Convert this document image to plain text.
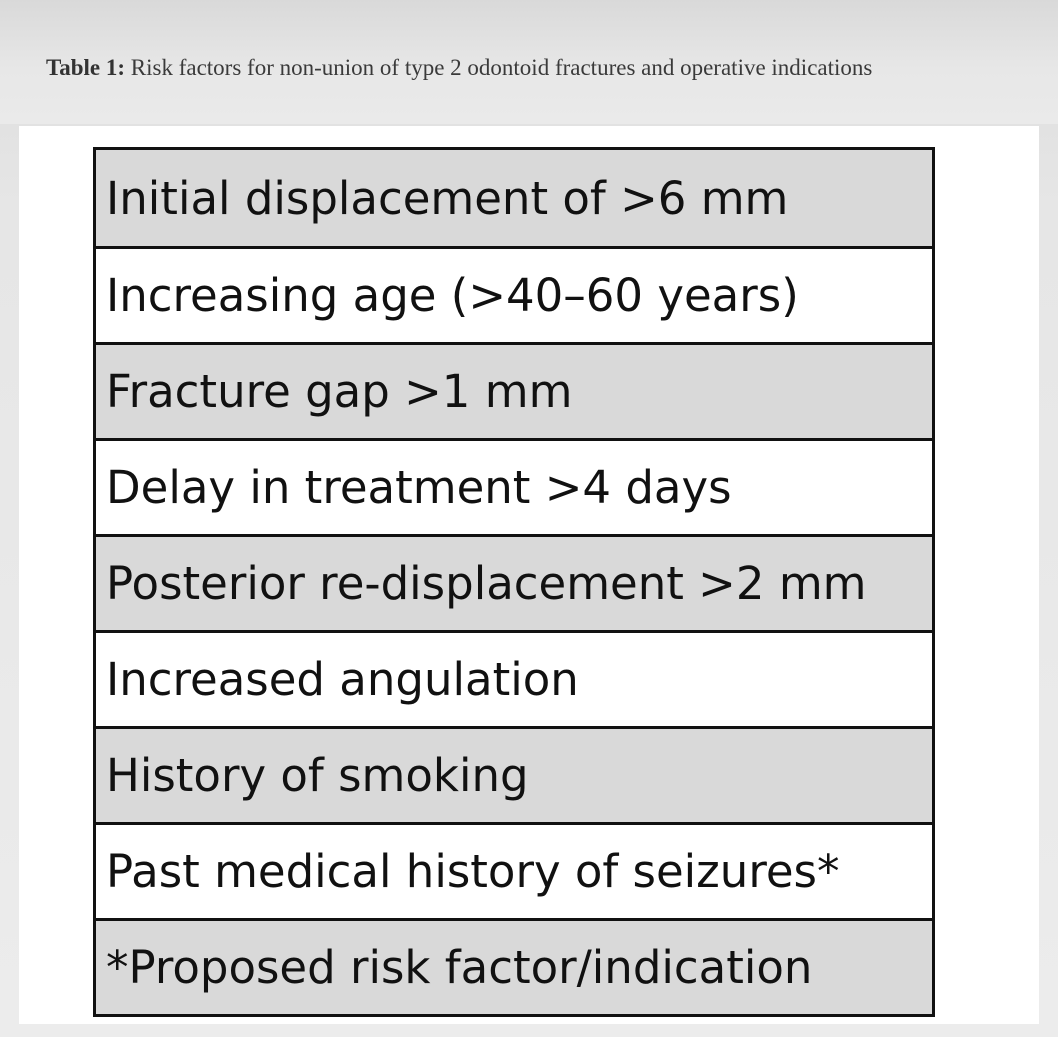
Table 1: Risk factors for non-union of type 2 odontoid fractures and operative indications
Initial displacement of >6 mm
Increasing age (>40–60 years)
Fracture gap >1 mm
Delay in treatment >4 days
Posterior re-displacement >2 mm
Increased angulation
History of smoking
Past medical history of seizures*
*Proposed risk factor/indication
